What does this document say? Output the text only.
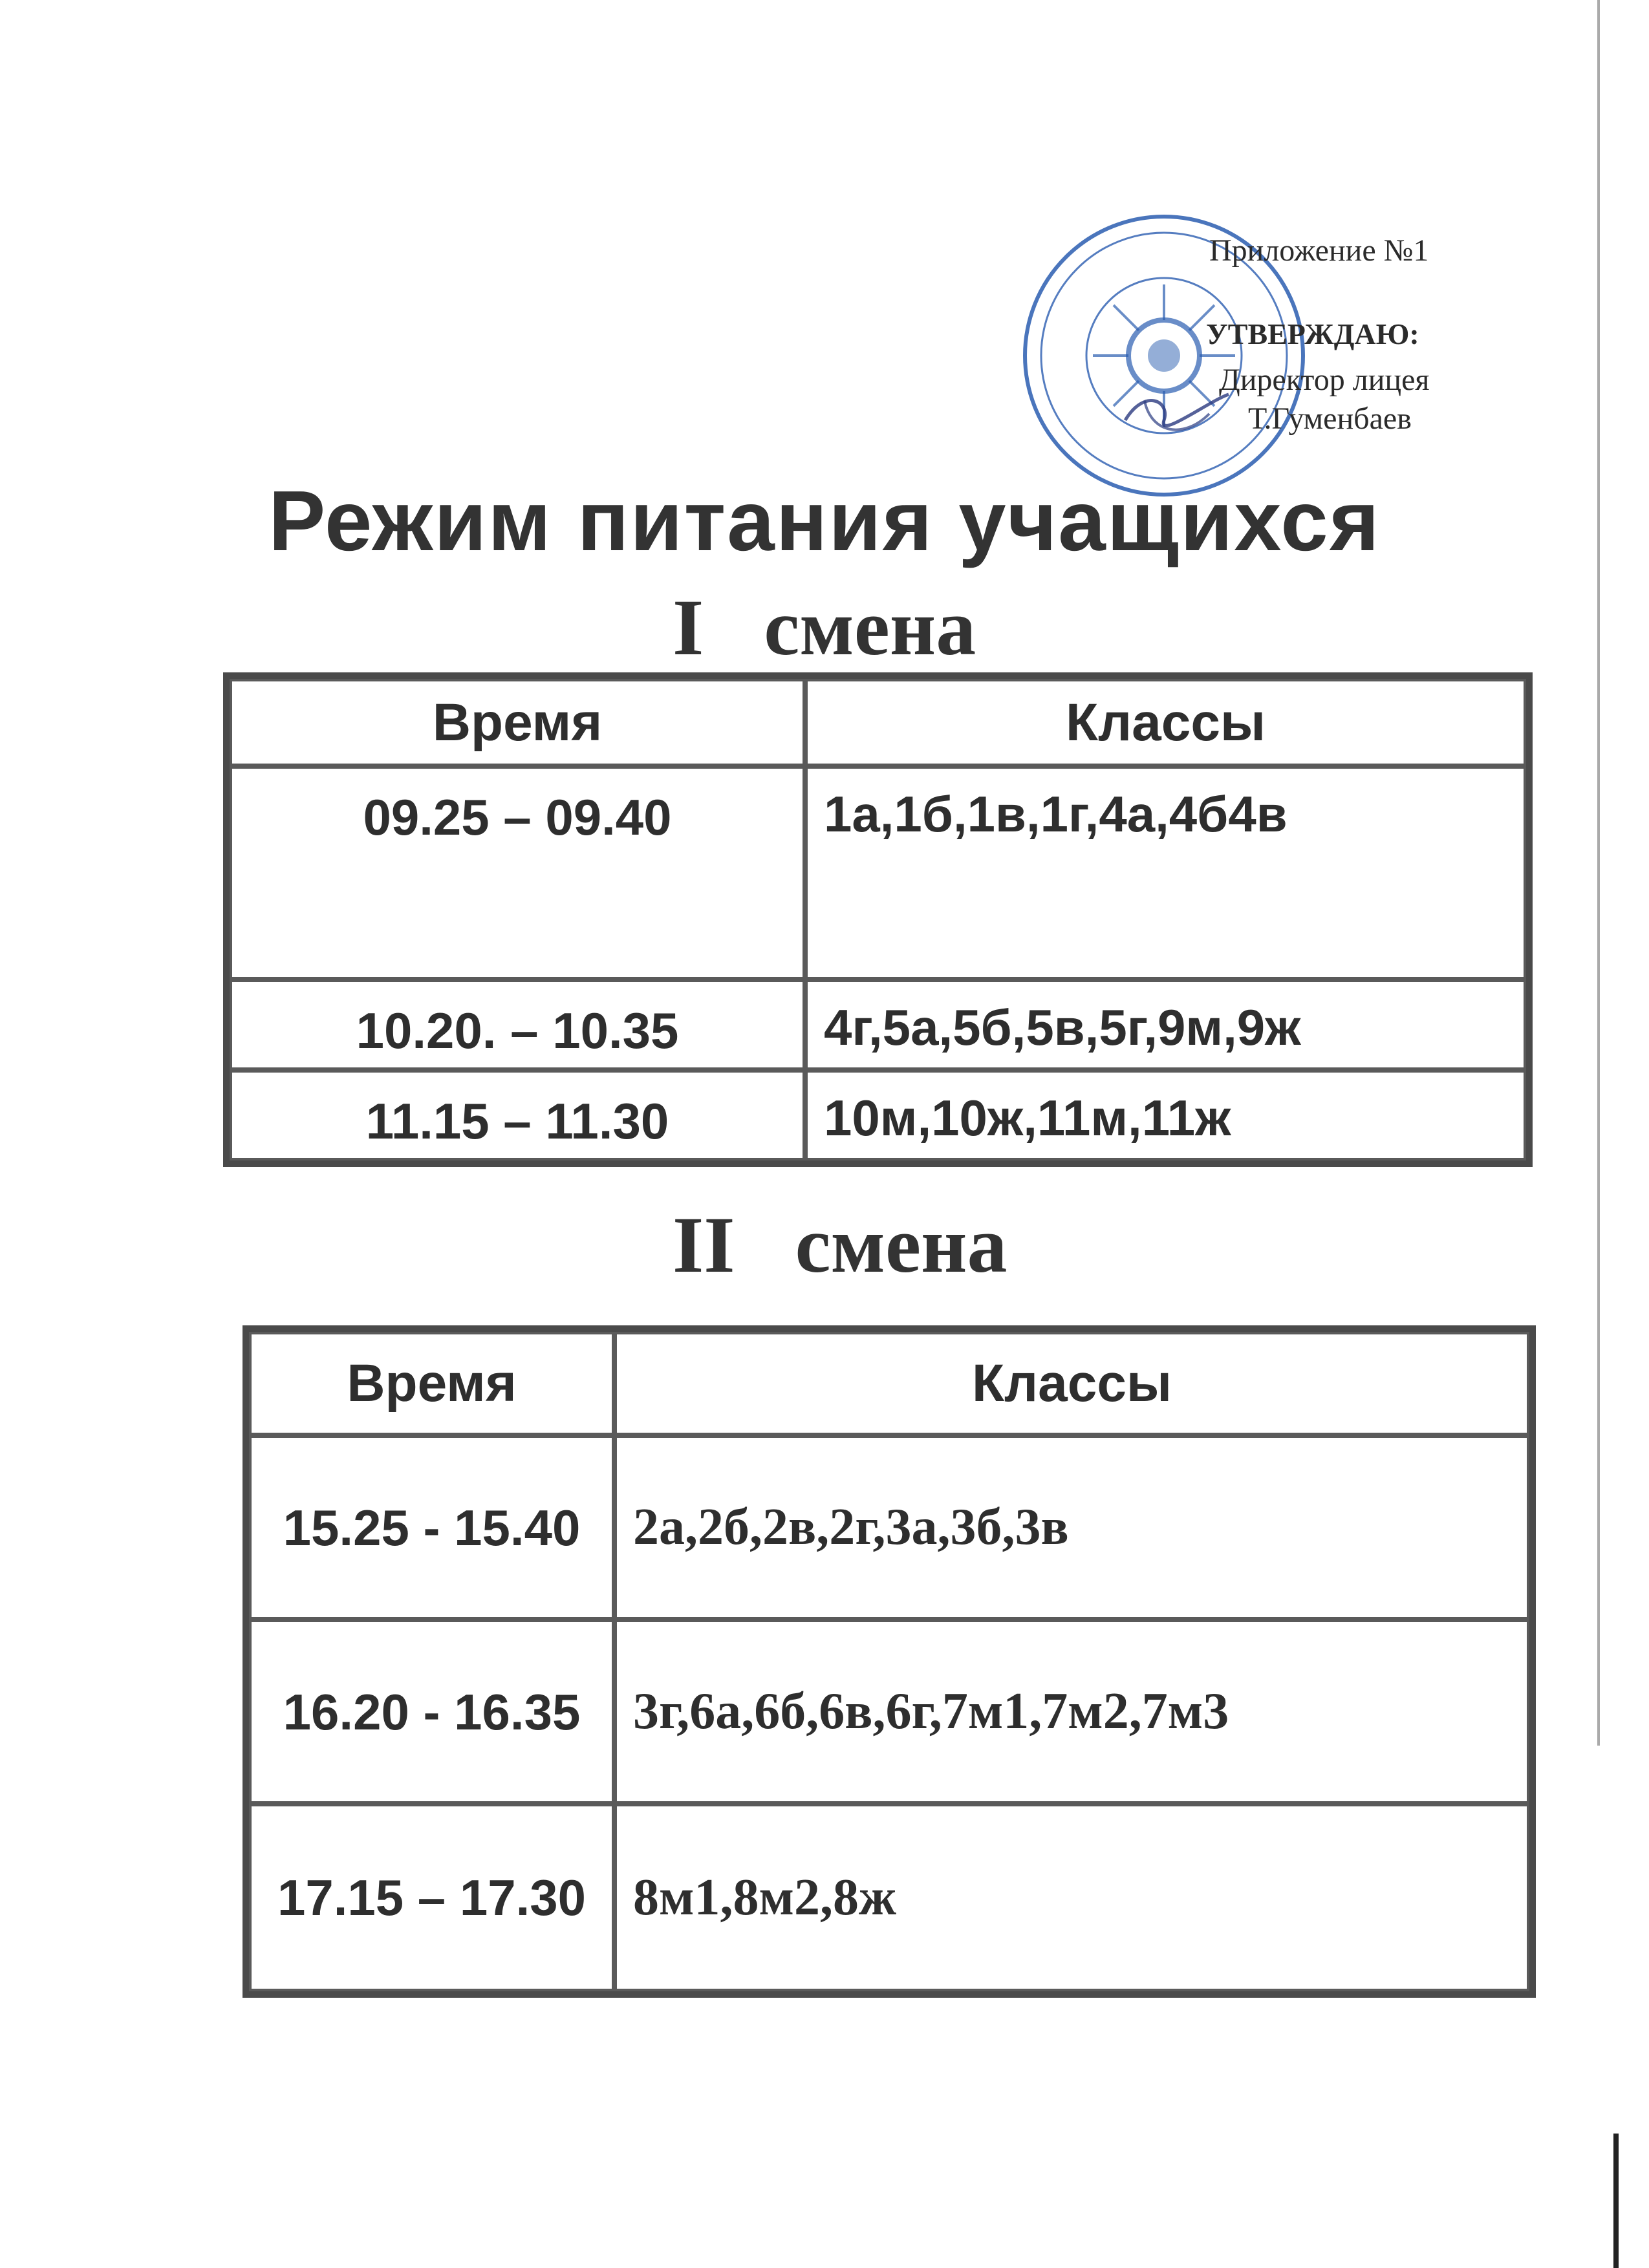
Приложение №1
УТВЕРЖДАЮ:
Директор лицея
Т.Гуменбаев
Режим питания учащихся
I   смена
Время	Классы
09.25 – 09.40	1а,1б,1в,1г,4а,4б4в
10.20. – 10.35	4г,5а,5б,5в,5г,9м,9ж
11.15 – 11.30	10м,10ж,11м,11ж
II   смена
Время	Классы
15.25 - 15.40	2а,2б,2в,2г,3а,3б,3в
16.20 - 16.35	3г,6а,6б,6в,6г,7м1,7м2,7м3
17.15 – 17.30	8м1,8м2,8ж
